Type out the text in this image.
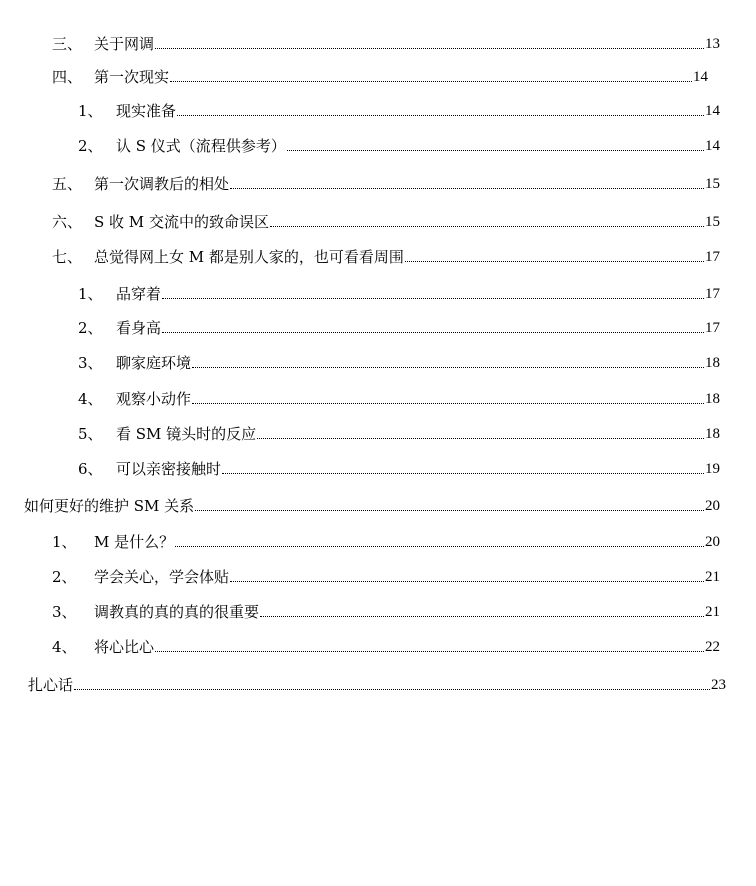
三、 关于网调	13
四、 第一次现实	14
1、 现实准备	14
2、 认 S 仪式（流程供参考）	14
五、 第一次调教后的相处	15
六、 S 收 M 交流中的致命误区	15
七、 总觉得网上女 M 都是别人家的，也可看看周围	17
1、 品穿着	17
2、 看身高	17
3、 聊家庭环境	18
4、 观察小动作	18
5、 看 SM 镜头时的反应	18
6、 可以亲密接触时	19
如何更好的维护 SM 关系	20
1、	M 是什么？	20
2、	学会关心，学会体贴	21
3、	调教真的真的真的很重要	21
4、	将心比心	22
扎心话	23
